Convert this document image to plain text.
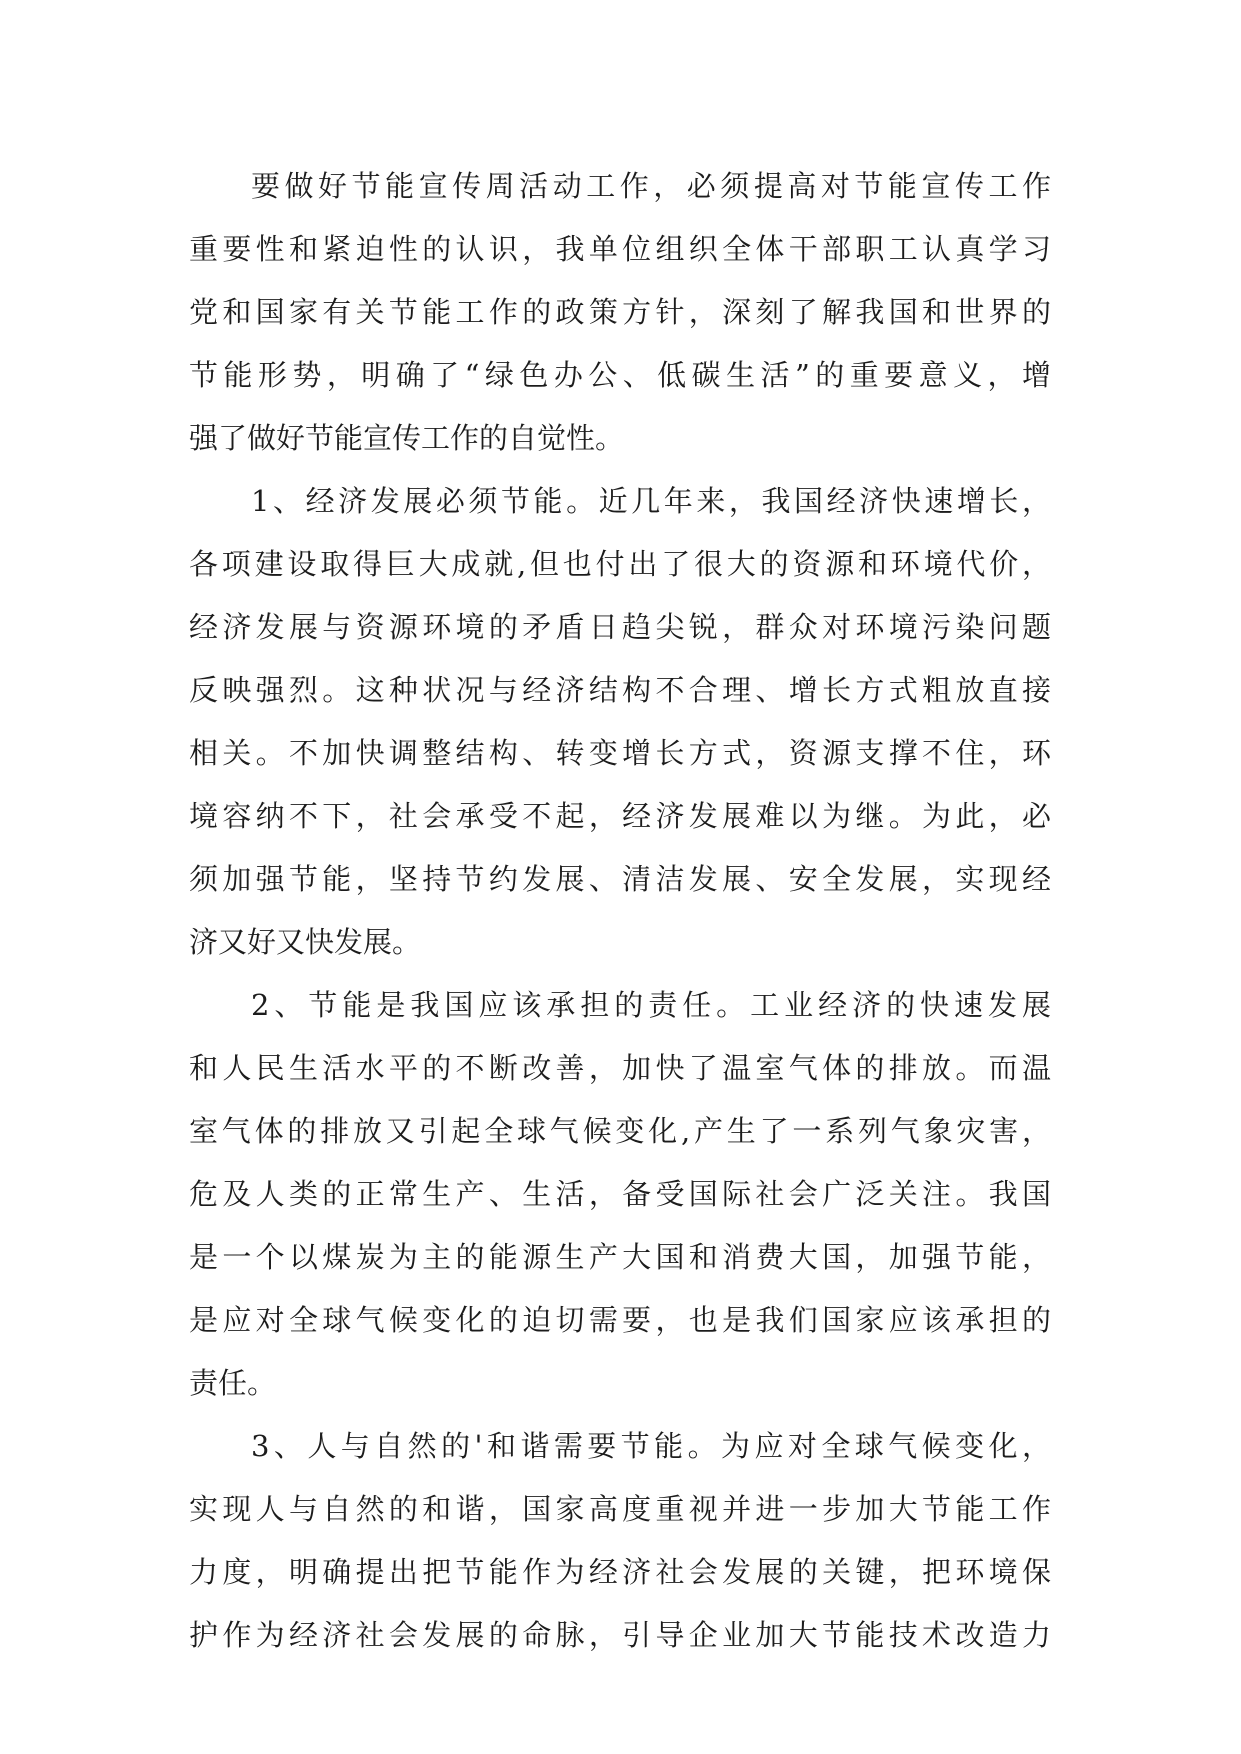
要做好节能宣传周活动工作，必须提高对节能宣传工作
重要性和紧迫性的认识，我单位组织全体干部职工认真学习
党和国家有关节能工作的政策方针，深刻了解我国和世界的
节能形势，明确了“绿色办公、低碳生活”的重要意义，增
强了做好节能宣传工作的自觉性。
1、经济发展必须节能。近几年来，我国经济快速增长，
各项建设取得巨大成就,但也付出了很大的资源和环境代价，
经济发展与资源环境的矛盾日趋尖锐，群众对环境污染问题
反映强烈。这种状况与经济结构不合理、增长方式粗放直接
相关。不加快调整结构、转变增长方式，资源支撑不住，环
境容纳不下，社会承受不起，经济发展难以为继。为此，必
须加强节能，坚持节约发展、清洁发展、安全发展，实现经
济又好又快发展。
2、节能是我国应该承担的责任。工业经济的快速发展
和人民生活水平的不断改善，加快了温室气体的排放。而温
室气体的排放又引起全球气候变化,产生了一系列气象灾害，
危及人类的正常生产、生活，备受国际社会广泛关注。我国
是一个以煤炭为主的能源生产大国和消费大国，加强节能，
是应对全球气候变化的迫切需要，也是我们国家应该承担的
责任。
3、人与自然的'和谐需要节能。为应对全球气候变化，
实现人与自然的和谐，国家高度重视并进一步加大节能工作
力度，明确提出把节能作为经济社会发展的关键，把环境保
护作为经济社会发展的命脉，引导企业加大节能技术改造力
